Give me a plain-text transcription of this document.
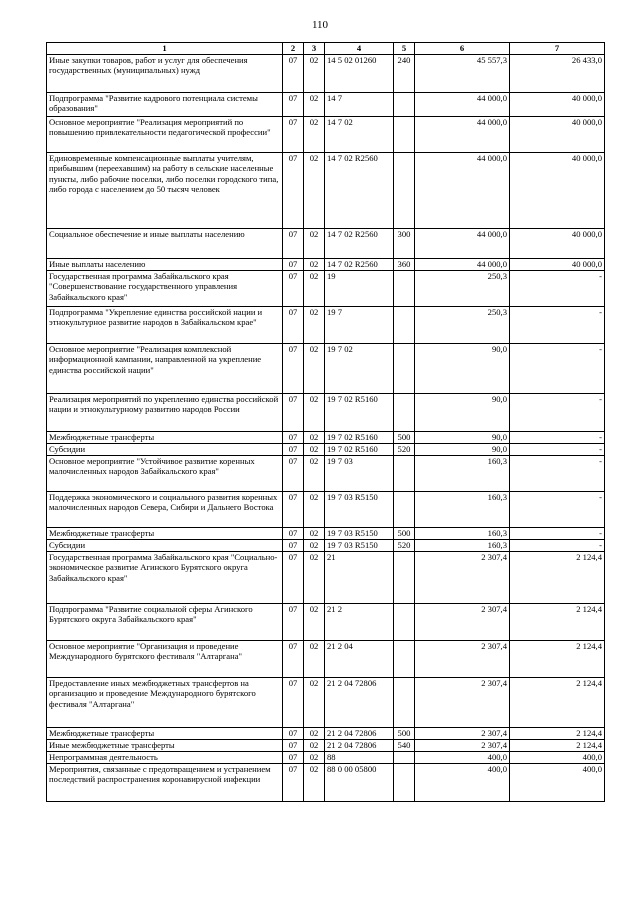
110
1	2	3	4	5	6	7
Иные закупки товаров, работ и услуг для обеспечения государственных (муниципальных) нужд	07	02	14 5 02 01260	240	45 557,3	26 433,0
Подпрограмма "Развитие кадрового потенциала системы образования"	07	02	14 7		44 000,0	40 000,0
Основное мероприятие "Реализация мероприятий по повышению привлекательности педагогической профессии"	07	02	14 7 02		44 000,0	40 000,0
Единовременные компенсационные выплаты учителям, прибывшим (переехавшим) на работу в сельские населенные пункты, либо рабочие поселки, либо поселки городского типа, либо города с населением до 50 тысяч человек	07	02	14 7 02 R2560		44 000,0	40 000,0
Социальное обеспечение и иные выплаты населению	07	02	14 7 02 R2560	300	44 000,0	40 000,0
Иные выплаты населению	07	02	14 7 02 R2560	360	44 000,0	40 000,0
Государственная программа Забайкальского края "Совершенствование государственного управления Забайкальского края"	07	02	19		250,3	-
Подпрограмма "Укрепление единства российской нации и этнокультурное развитие народов в Забайкальском крае"	07	02	19 7		250,3	-
Основное мероприятие "Реализация комплексной информационной кампании, направленной на укрепление единства российской нации"	07	02	19 7 02		90,0	-
Реализация мероприятий по укреплению единства российской нации и этнокультурному развитию народов России	07	02	19 7 02 R5160		90,0	-
Межбюджетные трансферты	07	02	19 7 02 R5160	500	90,0	-
Субсидии	07	02	19 7 02 R5160	520	90,0	-
Основное мероприятие "Устойчивое развитие коренных малочисленных народов Забайкальского края"	07	02	19 7 03		160,3	-
Поддержка экономического и социального развития коренных малочисленных народов Севера, Сибири и Дальнего Востока	07	02	19 7 03 R5150		160,3	-
Межбюджетные трансферты	07	02	19 7 03 R5150	500	160,3	-
Субсидии	07	02	19 7 03 R5150	520	160,3	-
Государственная программа Забайкальского края "Социально-экономическое развитие Агинского Бурятского округа Забайкальского края"	07	02	21		2 307,4	2 124,4
Подпрограмма "Развитие социальной сферы Агинского Бурятского округа Забайкальского края"	07	02	21 2		2 307,4	2 124,4
Основное мероприятие "Организация и проведение Международного бурятского фестиваля "Алтаргана"	07	02	21 2 04		2 307,4	2 124,4
Предоставление иных межбюджетных трансфертов на организацию и проведение Международного бурятского фестиваля "Алтаргана"	07	02	21 2 04 72806		2 307,4	2 124,4
Межбюджетные трансферты	07	02	21 2 04 72806	500	2 307,4	2 124,4
Иные межбюджетные трансферты	07	02	21 2 04 72806	540	2 307,4	2 124,4
Непрограммная деятельность	07	02	88		400,0	400,0
Мероприятия, связанные с предотвращением и устранением последствий распространения коронавирусной инфекции	07	02	88 0 00 05800		400,0	400,0
